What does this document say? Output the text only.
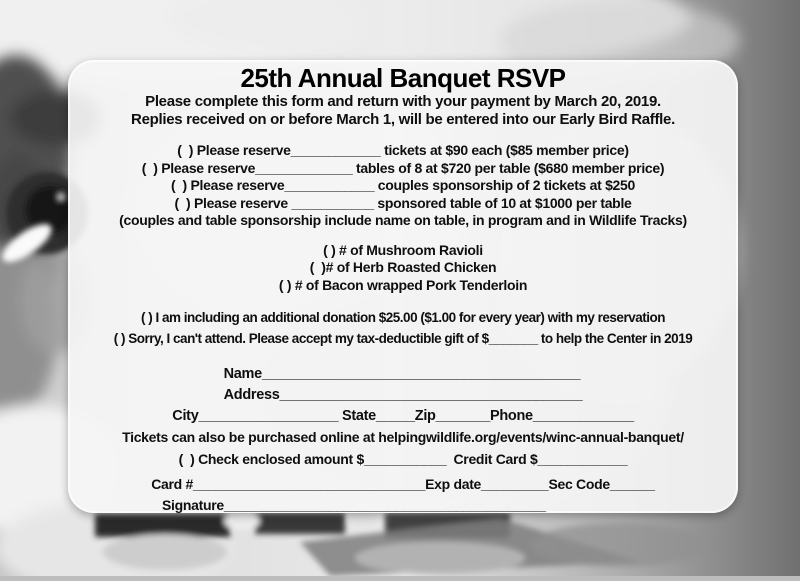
25th Annual Banquet RSVP
Please complete this form and return with your payment by March 20, 2019.
Replies received on or before March 1, will be entered into our Early Bird Raffle.
(  ) Please reserve____________ tickets at $90 each ($85 member price)
(  ) Please reserve_____________ tables of 8 at $720 per table ($680 member price)
(  ) Please reserve____________ couples sponsorship of 2 tickets at $250
(  ) Please reserve ___________ sponsored table of 10 at $1000 per table
(couples and table sponsorship include name on table, in program and in Wildlife Tracks)
( ) # of Mushroom Ravioli
(  )# of Herb Roasted Chicken
( ) # of Bacon wrapped Pork Tenderloin
( ) I am including an additional donation $25.00 ($1.00 for every year) with my reservation
( ) Sorry, I can't attend. Please accept my tax-deductible gift of $_______ to help the Center in 2019
Name_________________________________________
Address_______________________________________
City__________________ State_____Zip_______Phone_____________
Tickets can also be purchased online at helpingwildlife.org/events/winc-annual-banquet/
(  ) Check enclosed amount $___________  Credit Card $____________
Card #_______________________________Exp date_________Sec Code______
Signature___________________________________________
